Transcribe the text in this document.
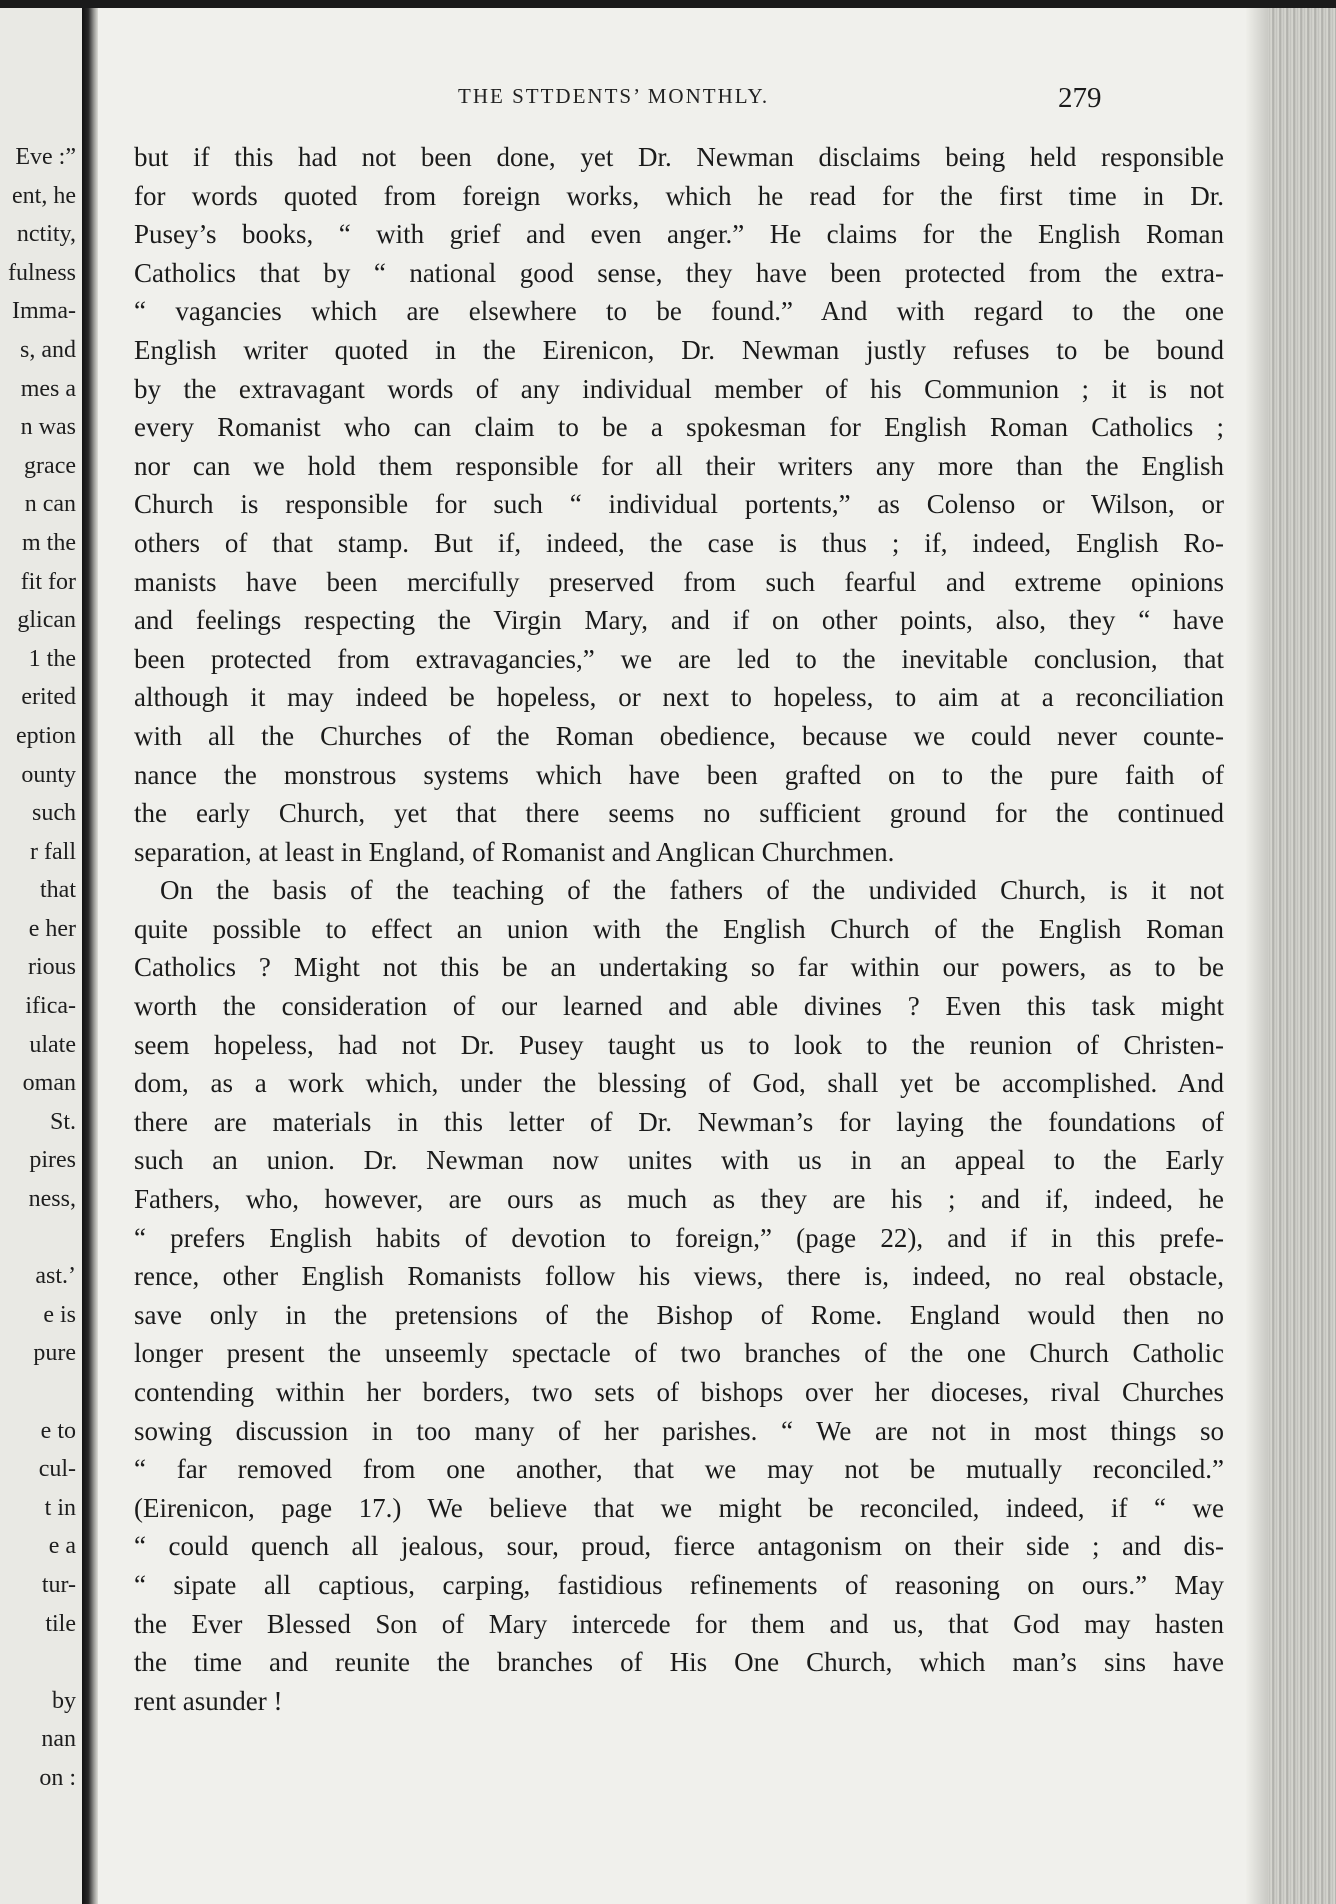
Eve :”
ent, he
nctity,
fulness
Imma-
s, and
mes a
n was
grace
n can
m the
fit for
glican
1 the
erited
eption
ounty
such
r fall
that
e her
rious
ifica-
ulate
oman
St.
pires
ness,
ast.’
e is
pure
e to
cul-
t in
e a
tur-
tile
by
nan
on :
THE STTDENTS’ MONTHLY.	279
but if this had not been done, yet Dr. Newman disclaims being held responsible
for words quoted from foreign works, which he read for the first time in Dr.
Pusey’s books, “ with grief and even anger.” He claims for the English Roman
Catholics that by “ national good sense, they have been protected from the extra-
“ vagancies which are elsewhere to be found.” And with regard to the one
English writer quoted in the Eirenicon, Dr. Newman justly refuses to be bound
by the extravagant words of any individual member of his Communion ; it is not
every Romanist who can claim to be a spokesman for English Roman Catholics ;
nor can we hold them responsible for all their writers any more than the English
Church is responsible for such “ individual portents,” as Colenso or Wilson, or
others of that stamp. But if, indeed, the case is thus ; if, indeed, English Ro-
manists have been mercifully preserved from such fearful and extreme opinions
and feelings respecting the Virgin Mary, and if on other points, also, they “ have
been protected from extravagancies,” we are led to the inevitable conclusion, that
although it may indeed be hopeless, or next to hopeless, to aim at a reconciliation
with all the Churches of the Roman obedience, because we could never counte-
nance the monstrous systems which have been grafted on to the pure faith of
the early Church, yet that there seems no sufficient ground for the continued
separation, at least in England, of Romanist and Anglican Churchmen.
On the basis of the teaching of the fathers of the undivided Church, is it not
quite possible to effect an union with the English Church of the English Roman
Catholics ? Might not this be an undertaking so far within our powers, as to be
worth the consideration of our learned and able divines ? Even this task might
seem hopeless, had not Dr. Pusey taught us to look to the reunion of Christen-
dom, as a work which, under the blessing of God, shall yet be accomplished. And
there are materials in this letter of Dr. Newman’s for laying the foundations of
such an union. Dr. Newman now unites with us in an appeal to the Early
Fathers, who, however, are ours as much as they are his ; and if, indeed, he
“ prefers English habits of devotion to foreign,” (page 22), and if in this prefe-
rence, other English Romanists follow his views, there is, indeed, no real obstacle,
save only in the pretensions of the Bishop of Rome. England would then no
longer present the unseemly spectacle of two branches of the one Church Catholic
contending within her borders, two sets of bishops over her dioceses, rival Churches
sowing discussion in too many of her parishes. “ We are not in most things so
“ far removed from one another, that we may not be mutually reconciled.”
(Eirenicon, page 17.) We believe that we might be reconciled, indeed, if “ we
“ could quench all jealous, sour, proud, fierce antagonism on their side ; and dis-
“ sipate all captious, carping, fastidious refinements of reasoning on ours.” May
the Ever Blessed Son of Mary intercede for them and us, that God may hasten
the time and reunite the branches of His One Church, which man’s sins have
rent asunder !
